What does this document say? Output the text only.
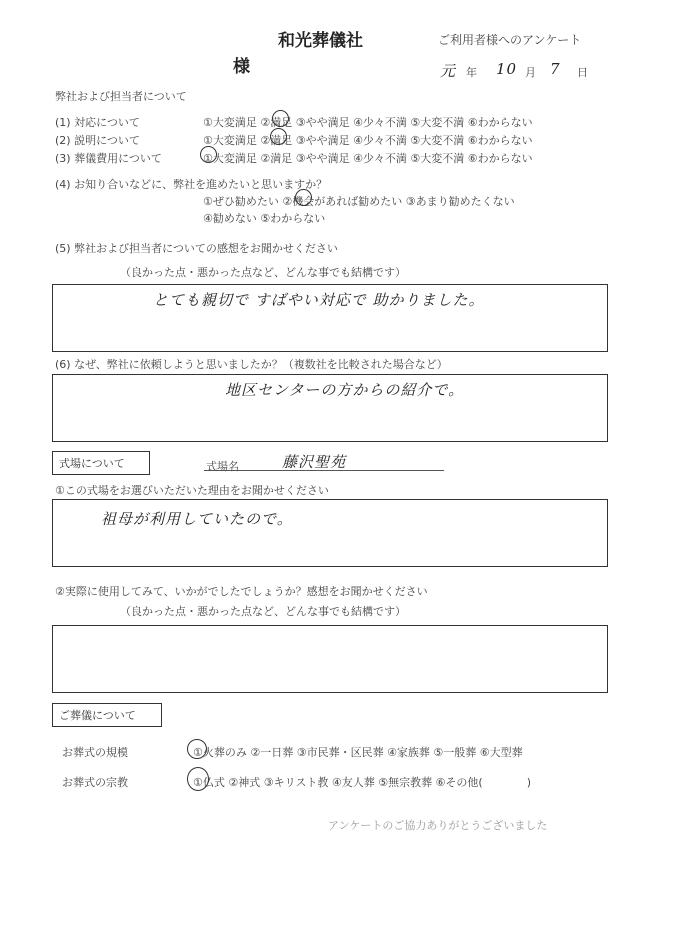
和光葬儀社	ご利用者様へのアンケート
様	元 年 10 月 7 日
弊社および担当者について
(1) 対応について	①大変満足 ②満足 ③やや満足 ④少々不満 ⑤大変不満 ⑥わからない
(2) 説明について	①大変満足 ②満足 ③やや満足 ④少々不満 ⑤大変不満 ⑥わからない
(3) 葬儀費用について	①大変満足 ②満足 ③やや満足 ④少々不満 ⑤大変不満 ⑥わからない
(4) お知り合いなどに、弊社を進めたいと思いますか？
①ぜひ勧めたい ②機会があれば勧めたい ③あまり勧めたくない
④勧めない ⑤わからない
(5) 弊社および担当者についての感想をお聞かせください
（良かった点・悪かった点など、どんな事でも結構です）
とても親切で すばやい対応で 助かりました。
(6) なぜ、弊社に依頼しようと思いましたか？（複数社を比較された場合など）
地区センターの方からの紹介で。
式場について	式場名	藤沢聖苑
①この式場をお選びいただいた理由をお聞かせください
祖母が利用していたので。
②実際に使用してみて、いかがでしたでしょうか？感想をお聞かせください
（良かった点・悪かった点など、どんな事でも結構です）
ご葬儀について
お葬式の規模	①火葬のみ ②一日葬 ③市民葬・区民葬 ④家族葬 ⑤一般葬 ⑥大型葬
お葬式の宗教	①仏式 ②神式 ③キリスト教 ④友人葬 ⑤無宗教葬 ⑥その他(　　　　)
アンケートのご協力ありがとうございました
